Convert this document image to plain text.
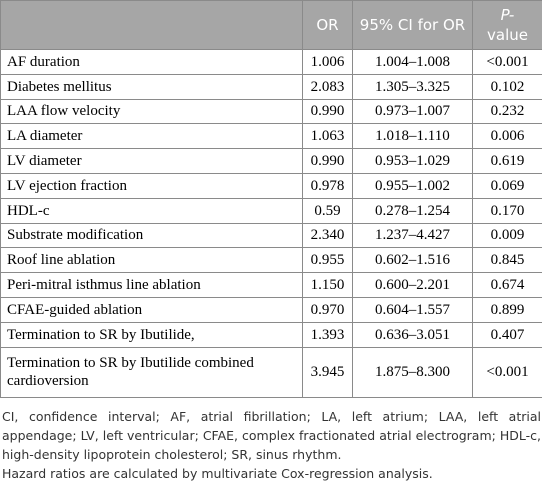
	OR	95% CI for OR	P-
value
AF duration	1.006	1.004–1.008	<0.001
Diabetes mellitus	2.083	1.305–3.325	0.102
LAA flow velocity	0.990	0.973–1.007	0.232
LA diameter	1.063	1.018–1.110	0.006
LV diameter	0.990	0.953–1.029	0.619
LV ejection fraction	0.978	0.955–1.002	0.069
HDL-c	0.59	0.278–1.254	0.170
Substrate modification	2.340	1.237–4.427	0.009
Roof line ablation	0.955	0.602–1.516	0.845
Peri-mitral isthmus line ablation	1.150	0.600–2.201	0.674
CFAE-guided ablation	0.970	0.604–1.557	0.899
Termination to SR by Ibutilide,	1.393	0.636–3.051	0.407
Termination to SR by Ibutilide combined cardioversion	3.945	1.875–8.300	<0.001

CI, confidence interval; AF, atrial fibrillation; LA, left atrium; LAA, left atrial appendage; LV, left ventricular; CFAE, complex fractionated atrial electrogram; HDL-c, high-density lipoprotein cholesterol; SR, sinus rhythm.

Hazard ratios are calculated by multivariate Cox-regression analysis.
